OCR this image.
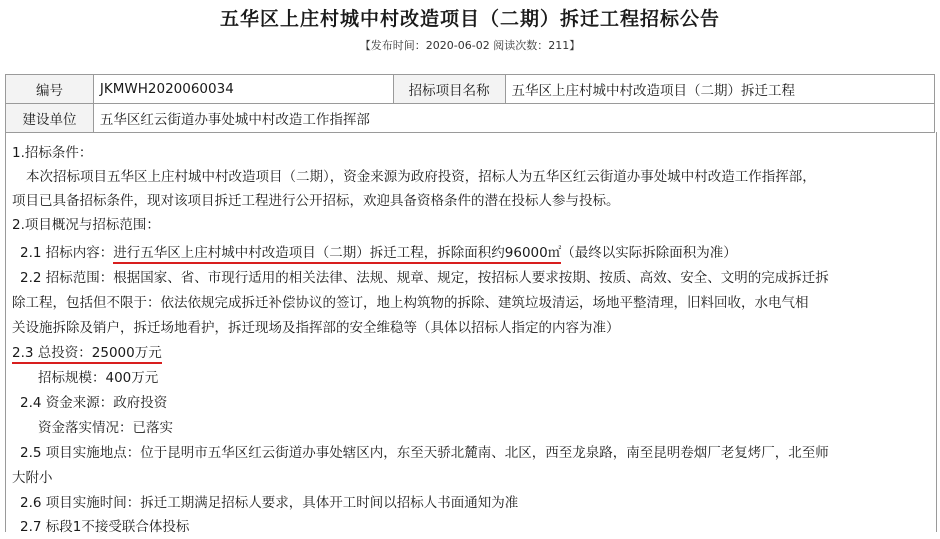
五华区上庄村城中村改造项目（二期）拆迁工程招标公告
【发布时间：2020-06-02 阅读次数：211】
编号	JKMWH2020060034	招标项目名称	五华区上庄村城中村改造项目（二期）拆迁工程
建设单位	五华区红云街道办事处城中村改造工作指挥部		
1.招标条件：
本次招标项目五华区上庄村城中村改造项目（二期），资金来源为政府投资，招标人为五华区红云街道办事处城中村改造工作指挥部，
项目已具备招标条件，现对该项目拆迁工程进行公开招标，欢迎具备资格条件的潜在投标人参与投标。
2.项目概况与招标范围：
2.1 招标内容：进行五华区上庄村城中村改造项目（二期）拆迁工程，拆除面积约96000㎡（最终以实际拆除面积为准）
2.2 招标范围：根据国家、省、市现行适用的相关法律、法规、规章、规定，按招标人要求按期、按质、高效、安全、文明的完成拆迁拆
除工程，包括但不限于：依法依规完成拆迁补偿协议的签订，地上构筑物的拆除、建筑垃圾清运，场地平整清理，旧料回收，水电气相
关设施拆除及销户，拆迁场地看护，拆迁现场及指挥部的安全维稳等（具体以招标人指定的内容为准）
2.3 总投资：25000万元
招标规模：400万元
2.4 资金来源：政府投资
资金落实情况：已落实
2.5 项目实施地点：位于昆明市五华区红云街道办事处辖区内，东至天骄北麓南、北区，西至龙泉路，南至昆明卷烟厂老复烤厂，北至师
大附小
2.6 项目实施时间：拆迁工期满足招标人要求，具体开工时间以招标人书面通知为准
2.7 标段1不接受联合体投标
